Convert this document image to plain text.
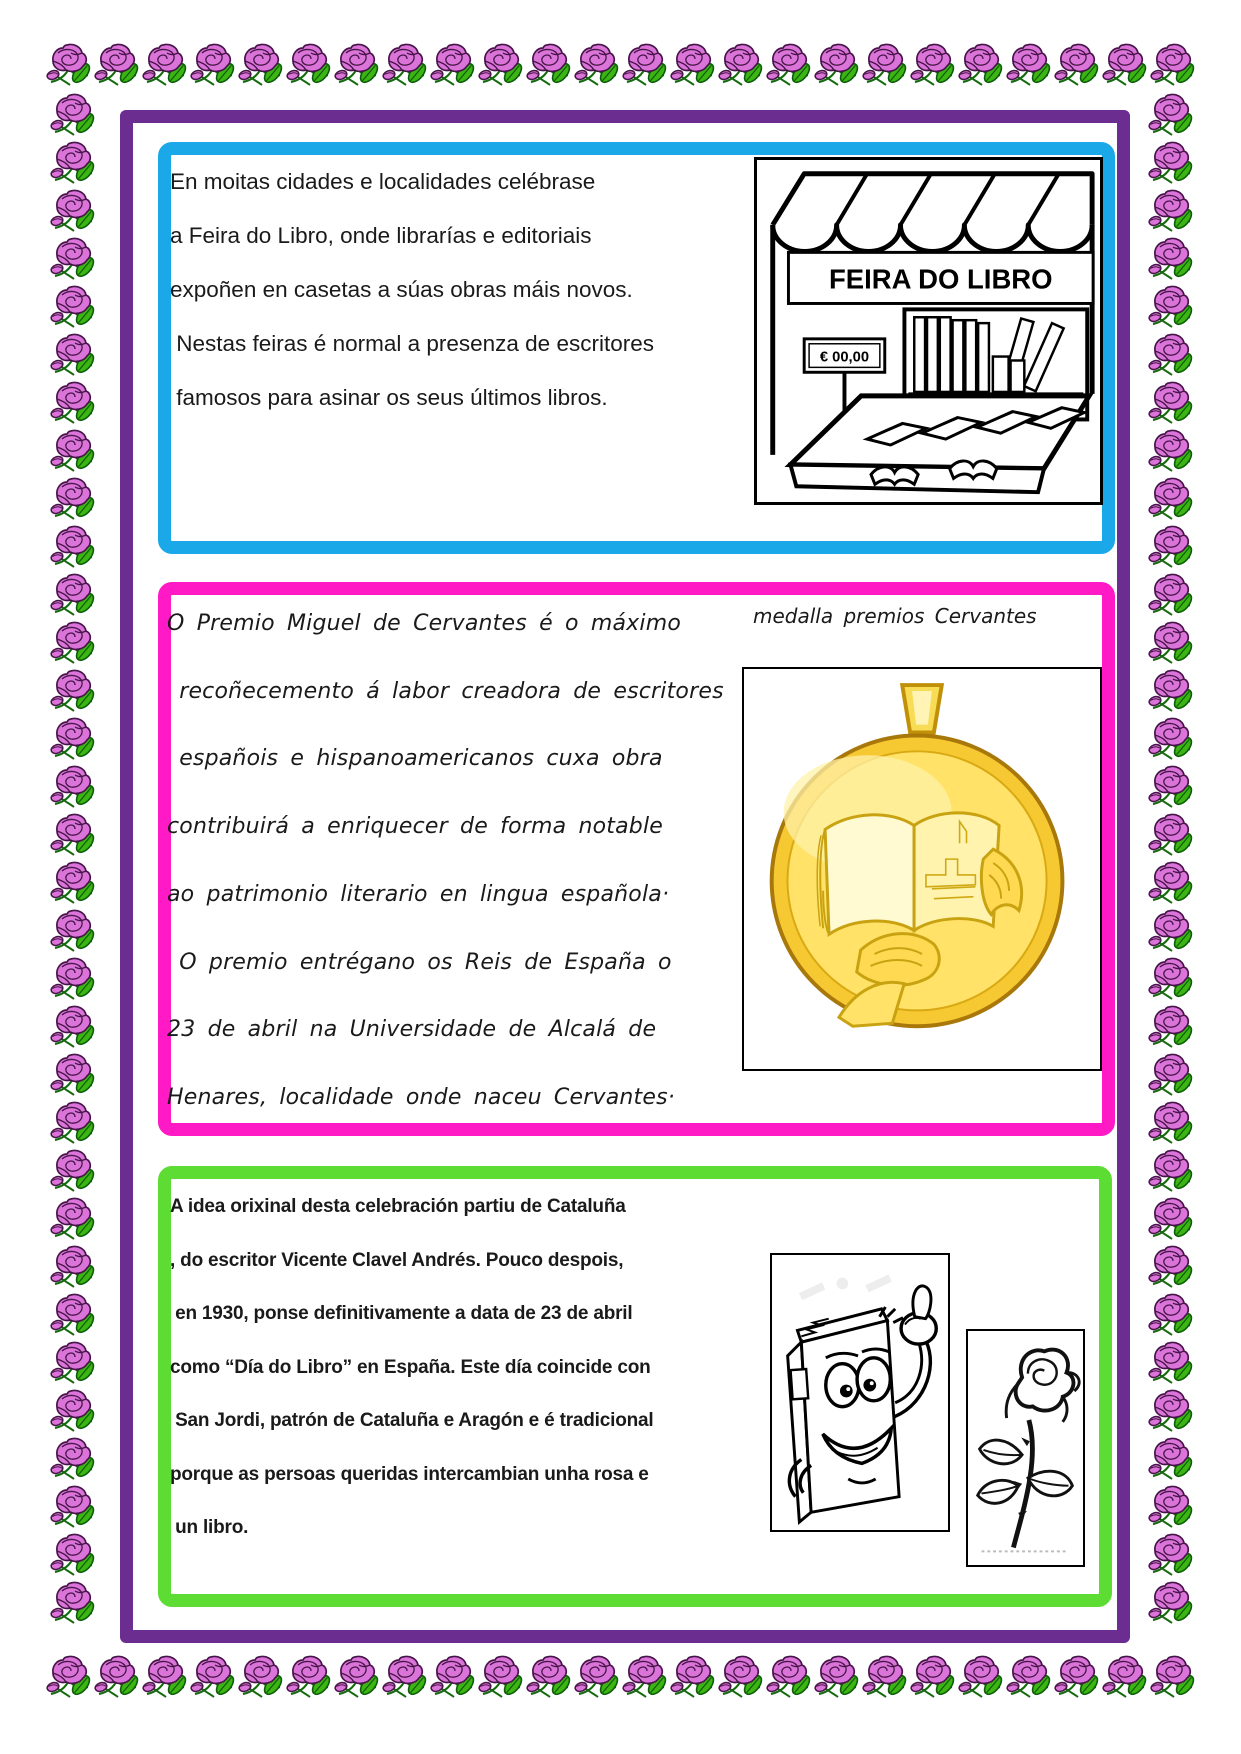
En moitas cidades e localidades celébrase
a Feira do Libro, onde librarías e editoriais
expoñen en casetas a súas obras máis novos.
Nestas feiras é normal a presenza de escritores
famosos para asinar os seus últimos libros.
O Premio Miguel de Cervantes é o máximo
recoñecemento á labor creadora de escritores
españois e hispanoamericanos cuxa obra
contribuirá a enriquecer de forma notable
ao patrimonio literario en lingua española·
O premio entrégano os Reis de España o
23 de abril na Universidade de Alcalá de
Henares, localidade onde naceu Cervantes·
medalla premios Cervantes
A idea orixinal desta celebración partiu de Cataluña
, do escritor Vicente Clavel Andrés. Pouco despois,
en 1930, ponse definitivamente a data de 23 de abril
como “Día do Libro” en España. Este día coincide con
San Jordi, patrón de Cataluña e Aragón e é tradicional
porque as persoas queridas intercambian unha rosa e
un libro.
FEIRA DO LIBRO
€ 00,00
